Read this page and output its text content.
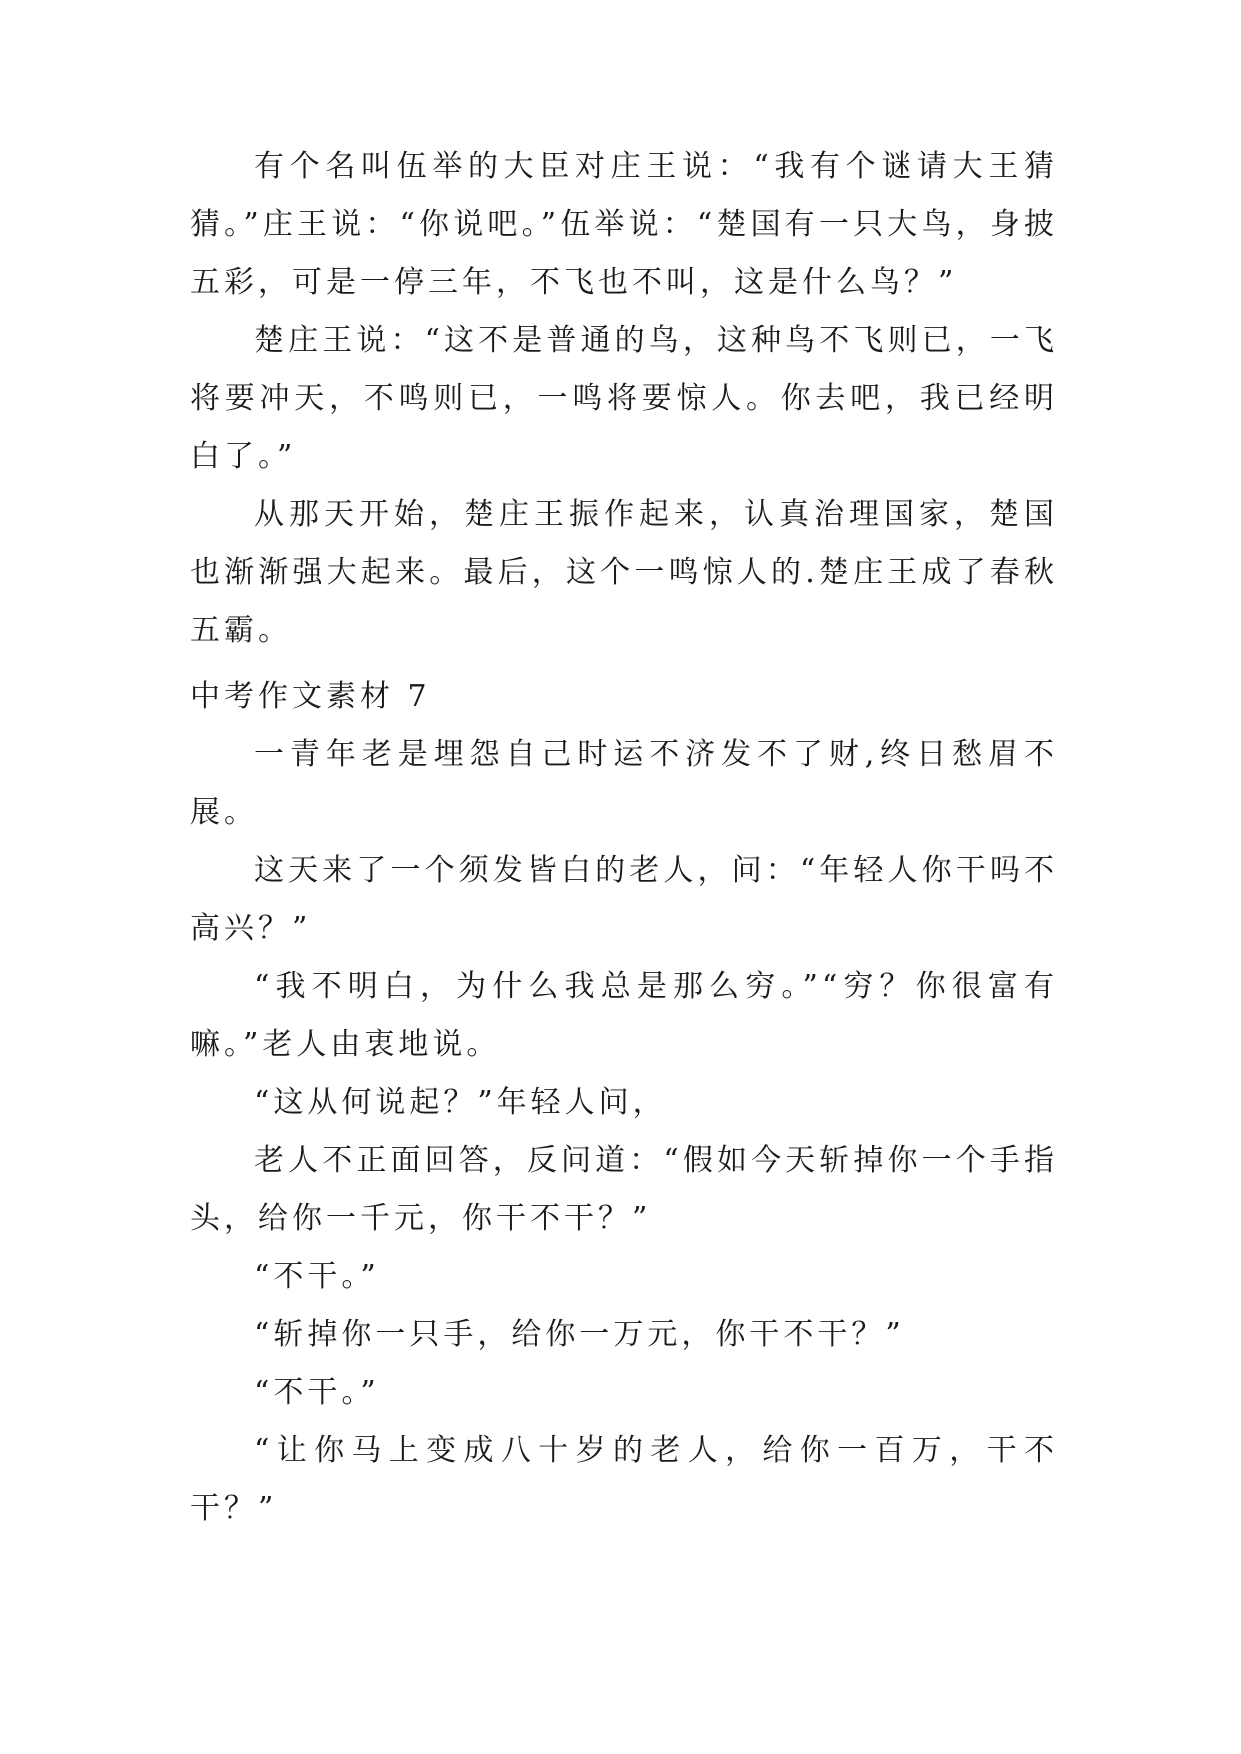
有个名叫伍举的大臣对庄王说：“我有个谜请大王猜猜。”庄王说：“你说吧。”伍举说：“楚国有一只大鸟，身披五彩，可是一停三年，不飞也不叫，这是什么鸟？”

楚庄王说：“这不是普通的鸟，这种鸟不飞则已，一飞将要冲天，不鸣则已，一鸣将要惊人。你去吧，我已经明白了。”

从那天开始，楚庄王振作起来，认真治理国家，楚国也渐渐强大起来。最后，这个一鸣惊人的.楚庄王成了春秋五霸。

中考作文素材 7

一青年老是埋怨自己时运不济发不了财,终日愁眉不展。

这天来了一个须发皆白的老人，问：“年轻人你干吗不高兴？”

“我不明白，为什么我总是那么穷。”“穷？你很富有嘛。”老人由衷地说。

“这从何说起？”年轻人问，

老人不正面回答，反问道：“假如今天斩掉你一个手指头，给你一千元，你干不干？”

“不干。”

“斩掉你一只手，给你一万元，你干不干？”

“不干。”

“让你马上变成八十岁的老人，给你一百万，干不干？”
